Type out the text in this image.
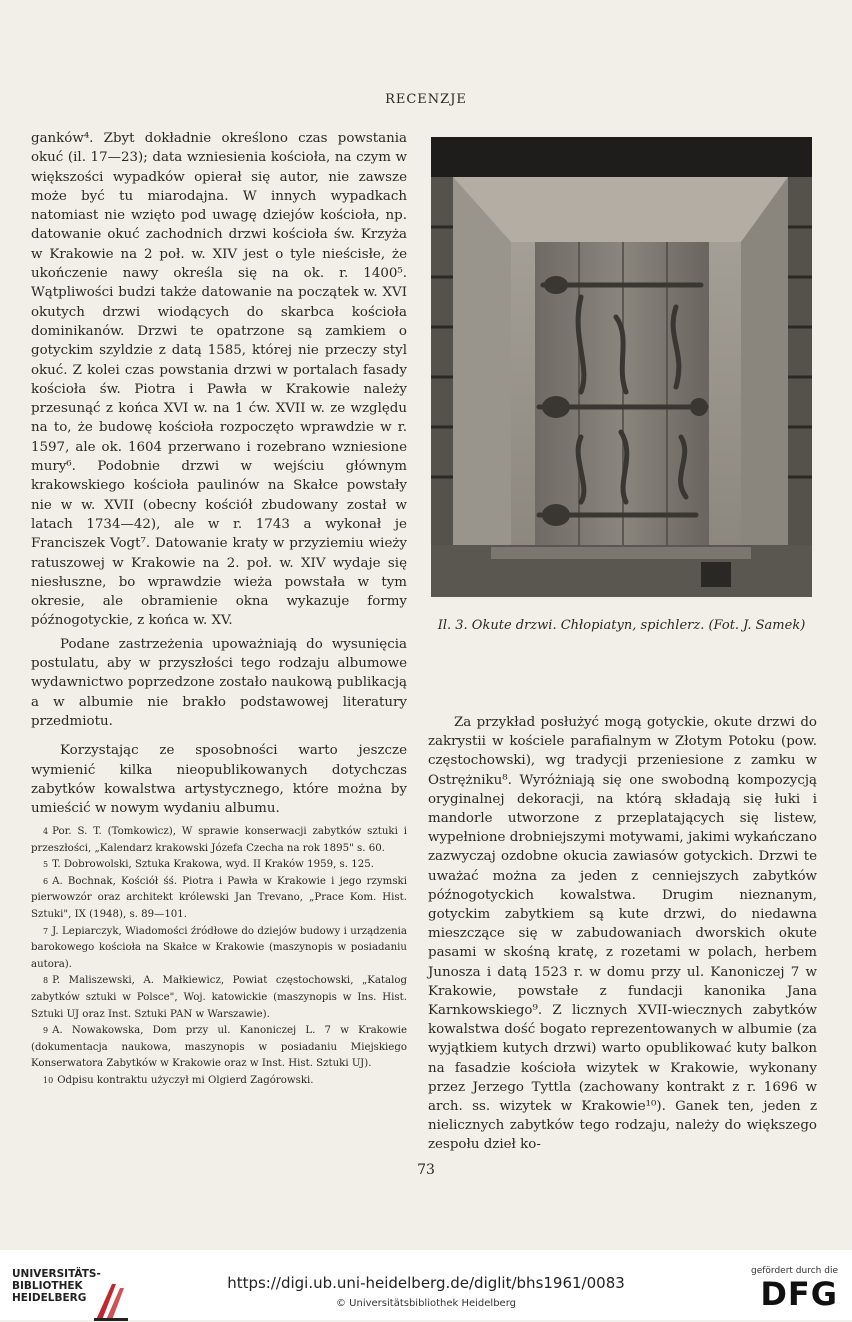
RECENZJE

ganków⁴. Zbyt dokładnie określono czas powstania okuć (il. 17—23); data wzniesienia kościoła, na czym w większości wypadków opierał się autor, nie zawsze może być tu miarodajna. W innych wypadkach natomiast nie wzięto pod uwagę dziejów kościoła, np. datowanie okuć zachodnich drzwi kościoła św. Krzyża w Krakowie na 2 poł. w. XIV jest o tyle nieścisłe, że ukończenie nawy określa się na ok. r. 1400⁵. Wątpliwości budzi także datowanie na początek w. XVI okutych drzwi wiodących do skarbca kościoła dominikanów. Drzwi te opatrzone są zamkiem o gotyckim szyldzie z datą 1585, której nie przeczy styl okuć. Z kolei czas powstania drzwi w portalach fasady kościoła św. Piotra i Pawła w Krakowie należy przesunąć z końca XVI w. na 1 ćw. XVII w. ze względu na to, że budowę kościoła rozpoczęto wprawdzie w r. 1597, ale ok. 1604 przerwano i rozebrano wzniesione mury⁶. Podobnie drzwi w wejściu głównym krakowskiego kościoła paulinów na Skałce powstały nie w w. XVII (obecny kościół zbudowany został w latach 1734—42), ale w r. 1743 a wykonał je Franciszek Vogt⁷. Datowanie kraty w przyziemiu wieży ratuszowej w Krakowie na 2. poł. w. XIV wydaje się niesłuszne, bo wprawdzie wieża powstała w tym okresie, ale obramienie okna wykazuje formy późnogotyckie, z końca w. XV.

Podane zastrzeżenia upoważniają do wysunięcia postulatu, aby w przyszłości tego rodzaju albumowe wydawnictwo poprzedzone zostało naukową publikacją a w albumie nie brakło podstawowej literatury przedmiotu.

Korzystając ze sposobności warto jeszcze wymienić kilka nieopublikowanych dotychczas zabytków kowalstwa artystycznego, które można by umieścić w nowym wydaniu albumu.

4 Por. S. T. (Tomkowicz), W sprawie konserwacji zabytków sztuki i przeszłości, „Kalendarz krakowski Józefa Czecha na rok 1895" s. 60.

5 T. Dobrowolski, Sztuka Krakowa, wyd. II Kraków 1959, s. 125.

6 A. Bochnak, Kościół śś. Piotra i Pawła w Krakowie i jego rzymski pierwowzór oraz architekt królewski Jan Trevano, „Prace Kom. Hist. Sztuki", IX (1948), s. 89—101.

7 J. Lepiarczyk, Wiadomości źródłowe do dziejów budowy i urządzenia barokowego kościoła na Skałce w Krakowie (maszynopis w posiadaniu autora).

8 P. Maliszewski, A. Małkiewicz, Powiat częstochowski, „Katalog zabytków sztuki w Polsce", Woj. katowickie (maszynopis w Ins. Hist. Sztuki UJ oraz Inst. Sztuki PAN w Warszawie).

9 A. Nowakowska, Dom przy ul. Kanoniczej L. 7 w Krakowie (dokumentacja naukowa, maszynopis w posiadaniu Miejskiego Konserwatora Zabytków w Krakowie oraz w Inst. Hist. Sztuki UJ).

10 Odpisu kontraktu użyczył mi Olgierd Zagórowski.

Il. 3. Okute drzwi. Chłopiatyn, spichlerz. (Fot. J. Samek)

Za przykład posłużyć mogą gotyckie, okute drzwi do zakrystii w kościele parafialnym w Złotym Potoku (pow. częstochowski), wg tradycji przeniesione z zamku w Ostrężniku⁸. Wyróżniają się one swobodną kompozycją oryginalnej dekoracji, na którą składają się łuki i mandorle utworzone z przeplatających się listew, wypełnione drobniejszymi motywami, jakimi wykańczano zazwyczaj ozdobne okucia zawiasów gotyckich. Drzwi te uważać można za jeden z cenniejszych zabytków późnogotyckich kowalstwa. Drugim nieznanym, gotyckim zabytkiem są kute drzwi, do niedawna mieszczące się w zabudowaniach dworskich okute pasami w skośną kratę, z rozetami w polach, herbem Junosza i datą 1523 r. w domu przy ul. Kanoniczej 7 w Krakowie, powstałe z fundacji kanonika Jana Karnkowskiego⁹. Z licznych XVII-wiecznych zabytków kowalstwa dość bogato reprezentowanych w albumie (za wyjątkiem kutych drzwi) warto opublikować kuty balkon na fasadzie kościoła wizytek w Krakowie, wykonany przez Jerzego Tyttla (zachowany kontrakt z r. 1696 w arch. ss. wizytek w Krakowie¹⁰). Ganek ten, jeden z nielicznych zabytków tego rodzaju, należy do większego zespołu dzieł ko-

73
UNIVERSITÄTS-
BIBLIOTHEK
HEIDELBERG
https://digi.ub.uni-heidelberg.de/diglit/bhs1961/0083
© Universitätsbibliothek Heidelberg
gefördert durch die
DFG
